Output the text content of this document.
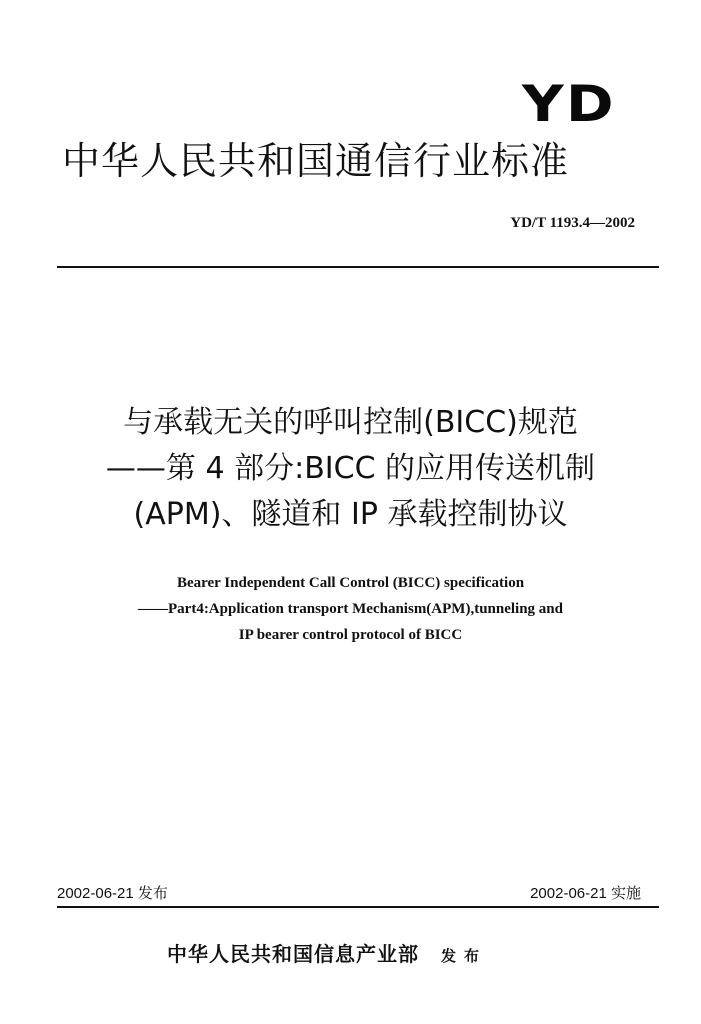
YD
中华人民共和国通信行业标准
YD/T 1193.4—2002
与承载无关的呼叫控制(BICC)规范
——第 4 部分:BICC 的应用传送机制
(APM)、隧道和 IP 承载控制协议
Bearer Independent Call Control (BICC) specification
——Part4:Application transport Mechanism(APM),tunneling and
IP bearer control protocol of BICC
2002-06-21 发布	2002-06-21 实施
中华人民共和国信息产业部 发布
